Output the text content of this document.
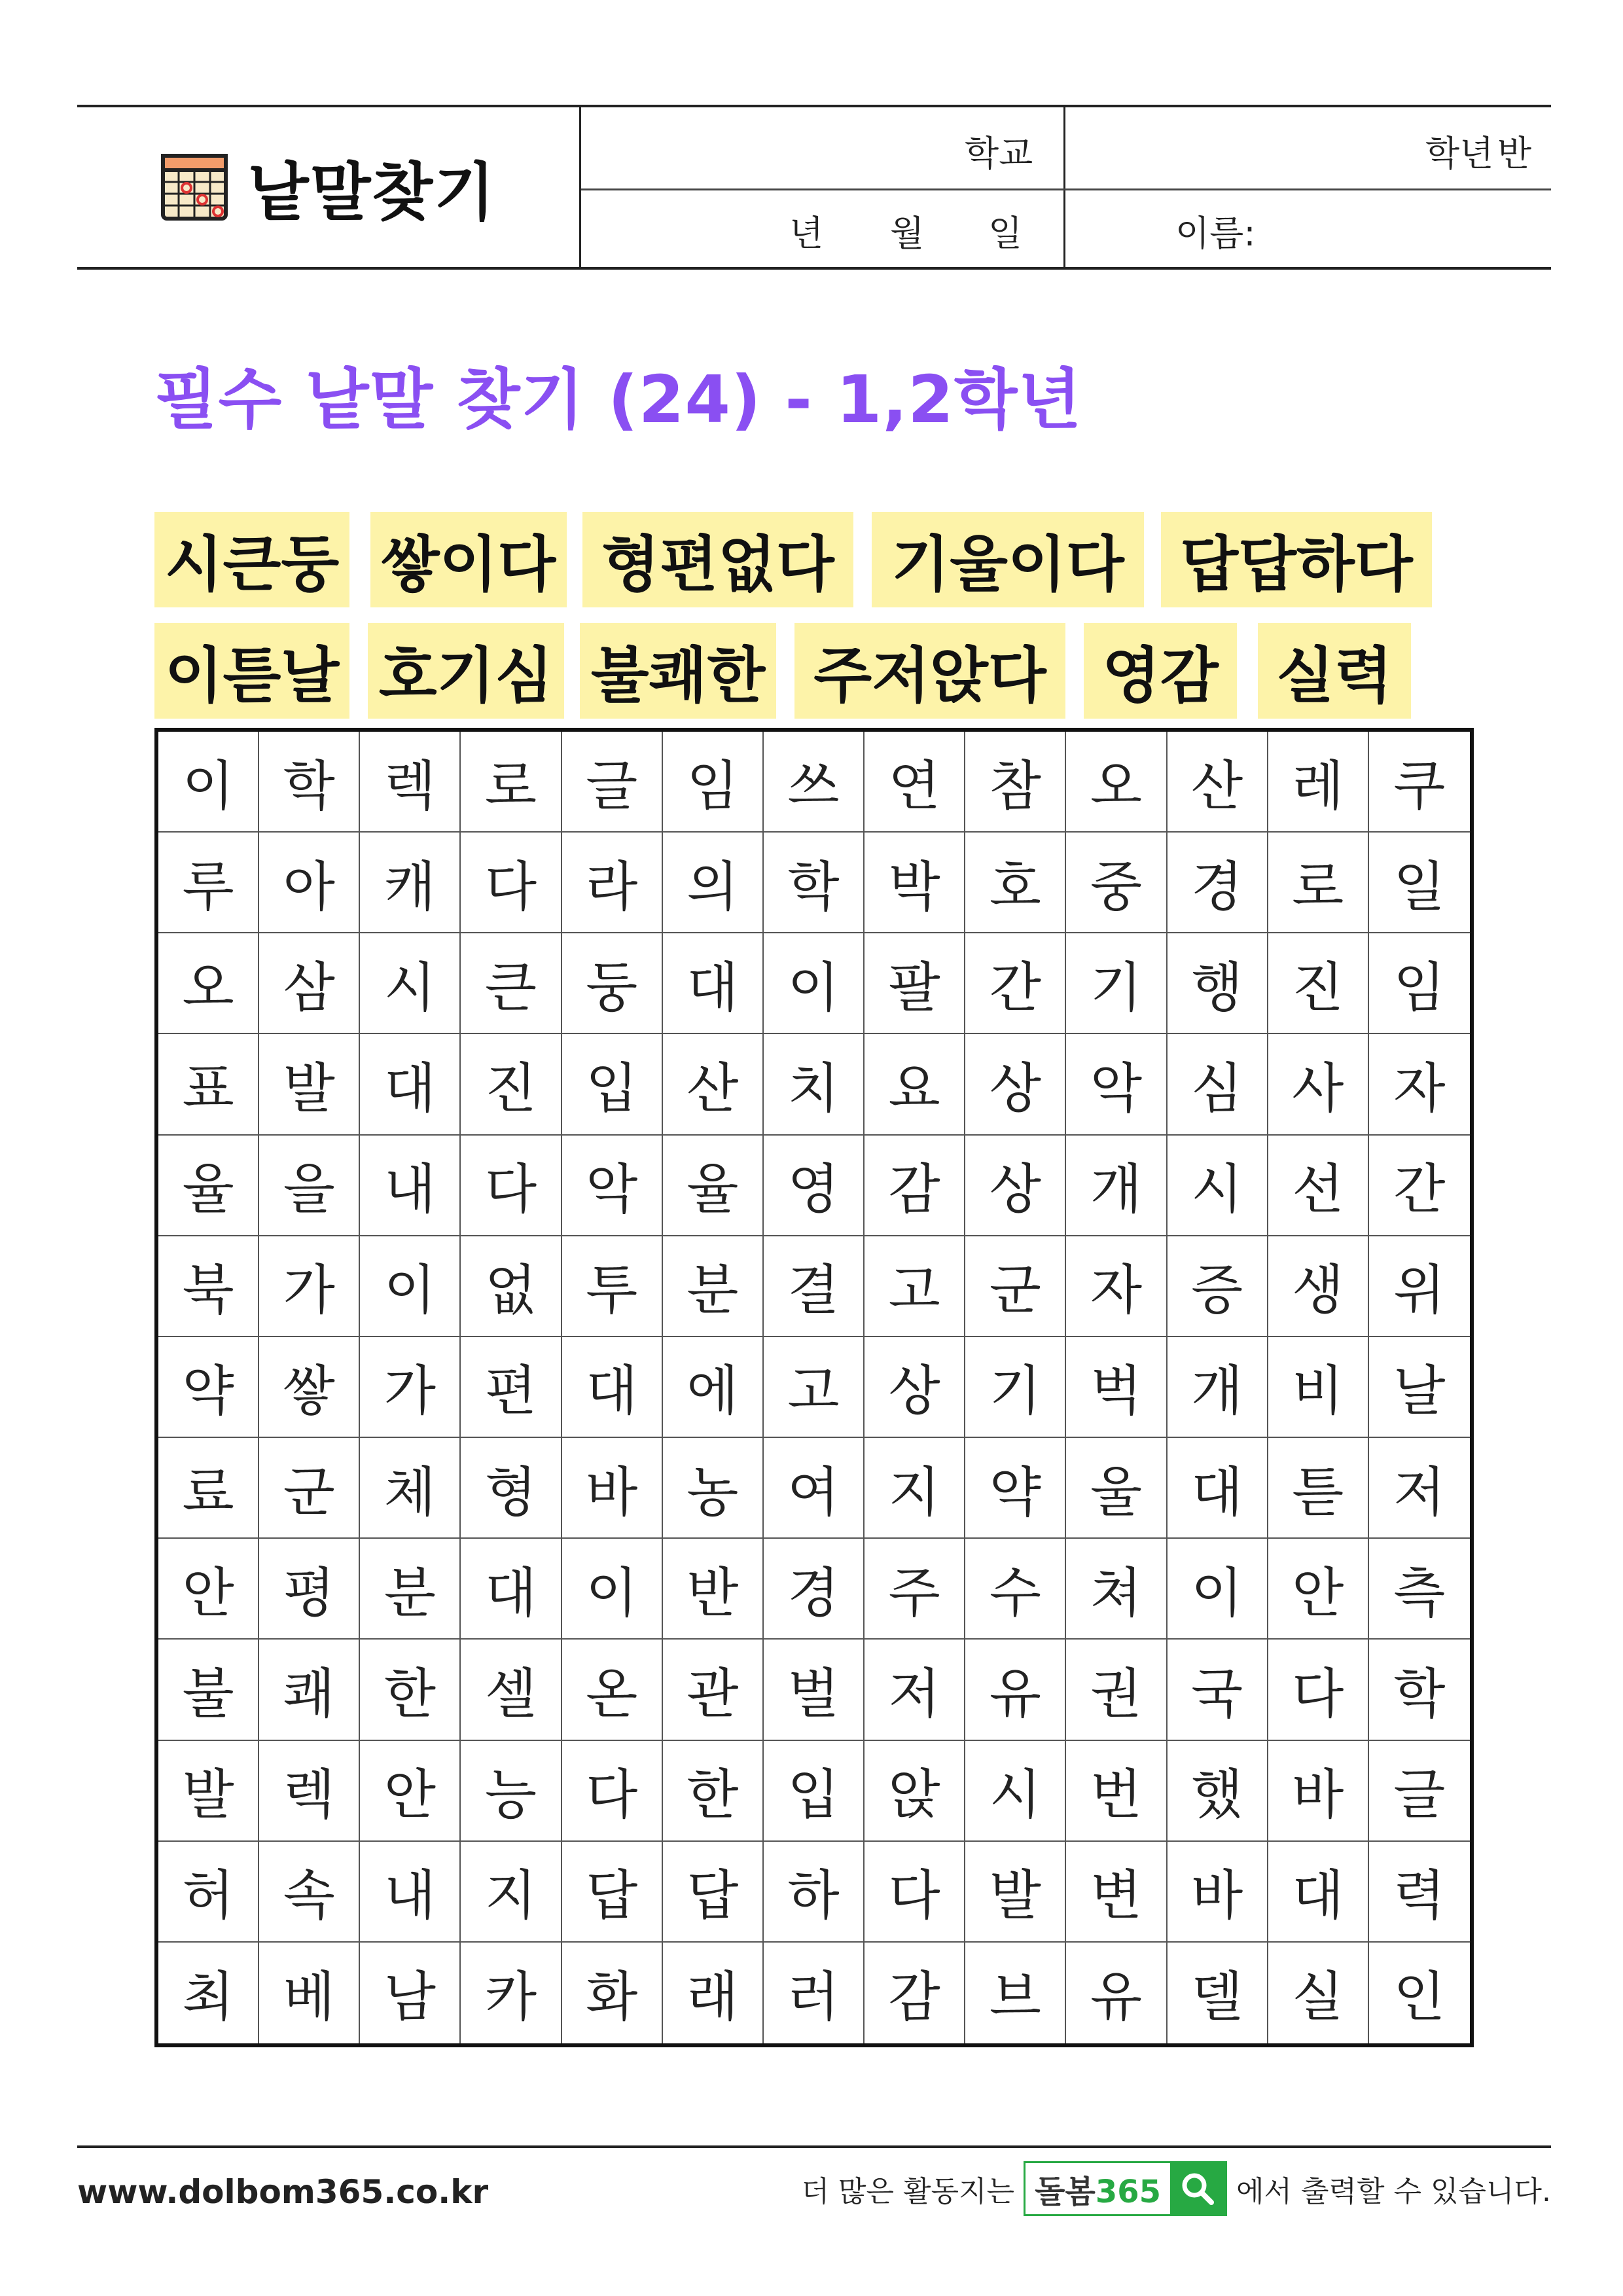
낱말찾기
학교	학년 반
년 월 일	이름:
필수 낱말 찾기 (24) - 1,2학년
시큰둥 쌓이다 형편없다 기울이다 답답하다
이튿날 호기심 불쾌한 주저앉다 영감 실력
이 학 렉 로 글 임 쓰 연 참 오 산 레 쿠
루 아 캐 다 라 의 학 박 호 중 경 로 일
오 삼 시 큰 둥 대 이 팔 간 기 행 진 임
표 발 대 진 입 산 치 요 상 악 심 사 자
율 을 내 다 악 율 영 감 상 개 시 선 간
북 가 이 없 투 분 결 고 군 자 증 생 위
약 쌓 가 편 대 에 고 상 기 벅 개 비 날
료 군 체 형 바 농 여 지 약 울 대 튿 저
안 평 분 대 이 반 경 주 수 쳐 이 안 측
불 쾌 한 셀 온 관 벌 저 유 권 국 다 학
발 렉 안 능 다 한 입 앉 시 번 했 바 글
허 속 내 지 답 답 하 다 발 변 바 대 력
최 베 남 카 화 래 러 감 브 유 델 실 인
www.dolbom365.co.kr	더 많은 활동지는 돌봄365	에서 출력할 수 있습니다.
